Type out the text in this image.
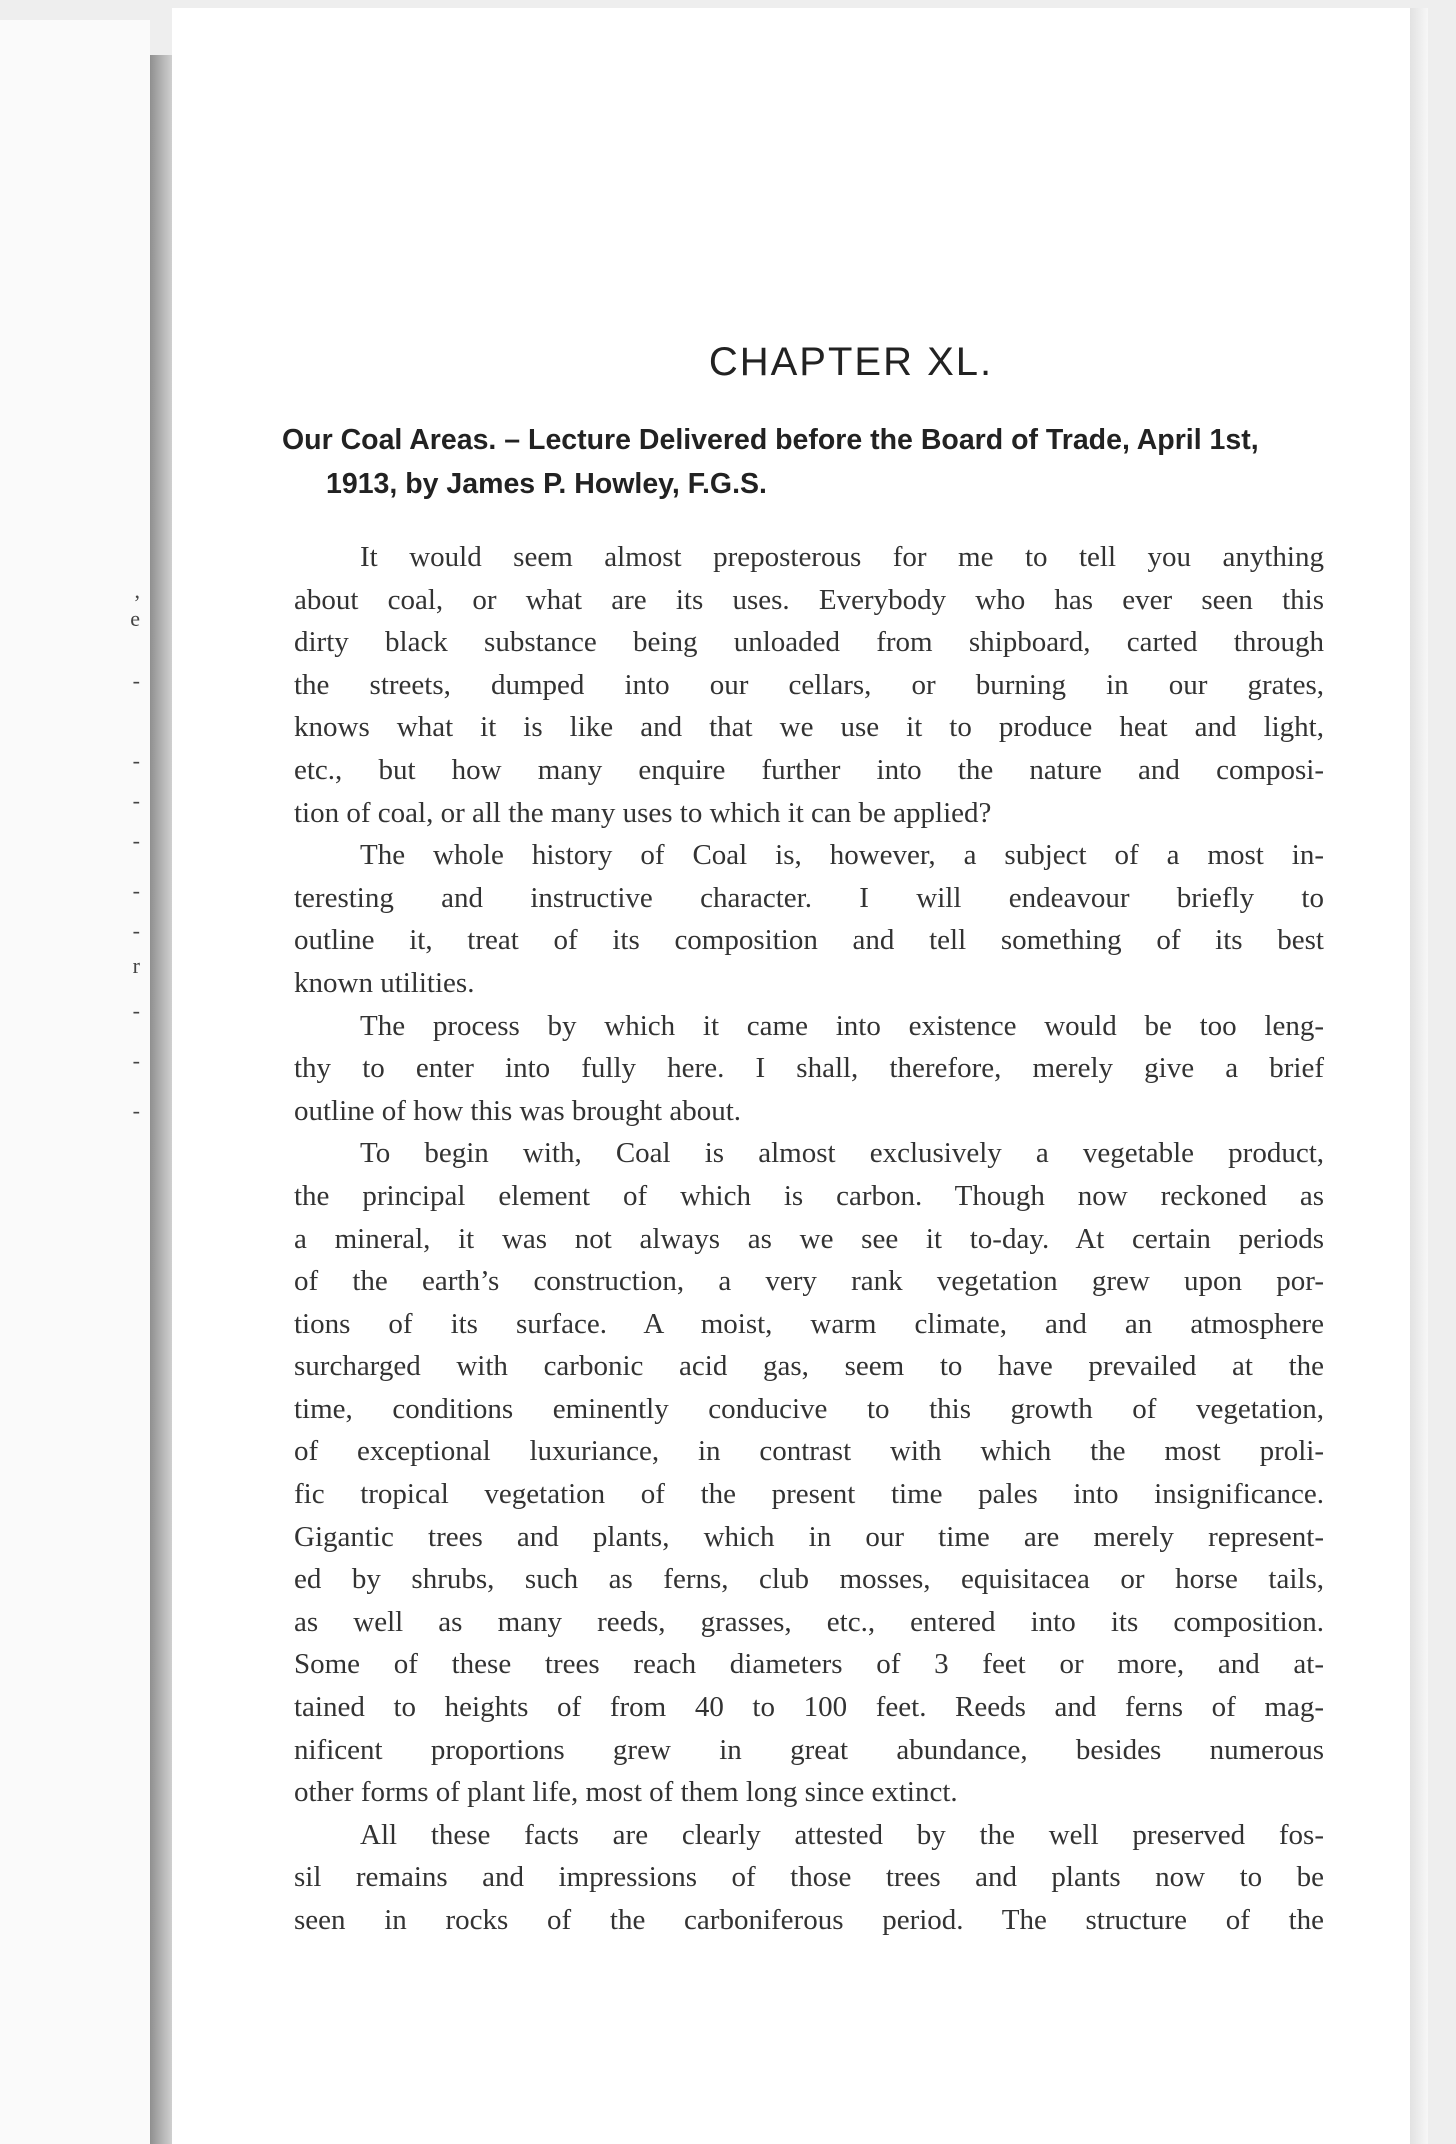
,
e
-
-
-
-
-
-
r
-
-
-
CHAPTER XL.

Our Coal Areas. – Lecture Delivered before the Board of Trade, April 1st, 1913, by James P. Howley, F.G.S.

It would seem almost preposterous for me to tell you anything
about coal, or what are its uses. Everybody who has ever seen this
dirty black substance being unloaded from shipboard, carted through
the streets, dumped into our cellars, or burning in our grates,
knows what it is like and that we use it to produce heat and light,
etc., but how many enquire further into the nature and composi-
tion of coal, or all the many uses to which it can be applied?
The whole history of Coal is, however, a subject of a most in-
teresting and instructive character. I will endeavour briefly to
outline it, treat of its composition and tell something of its best
known utilities.
The process by which it came into existence would be too leng-
thy to enter into fully here. I shall, therefore, merely give a brief
outline of how this was brought about.
To begin with, Coal is almost exclusively a vegetable product,
the principal element of which is carbon. Though now reckoned as
a mineral, it was not always as we see it to-day. At certain periods
of the earth’s construction, a very rank vegetation grew upon por-
tions of its surface. A moist, warm climate, and an atmosphere
surcharged with carbonic acid gas, seem to have prevailed at the
time, conditions eminently conducive to this growth of vegetation,
of exceptional luxuriance, in contrast with which the most proli-
fic tropical vegetation of the present time pales into insignificance.
Gigantic trees and plants, which in our time are merely represent-
ed by shrubs, such as ferns, club mosses, equisitacea or horse tails,
as well as many reeds, grasses, etc., entered into its composition.
Some of these trees reach diameters of 3 feet or more, and at-
tained to heights of from 40 to 100 feet. Reeds and ferns of mag-
nificent proportions grew in great abundance, besides numerous
other forms of plant life, most of them long since extinct.
All these facts are clearly attested by the well preserved fos-
sil remains and impressions of those trees and plants now to be
seen in rocks of the carboniferous period. The structure of the
